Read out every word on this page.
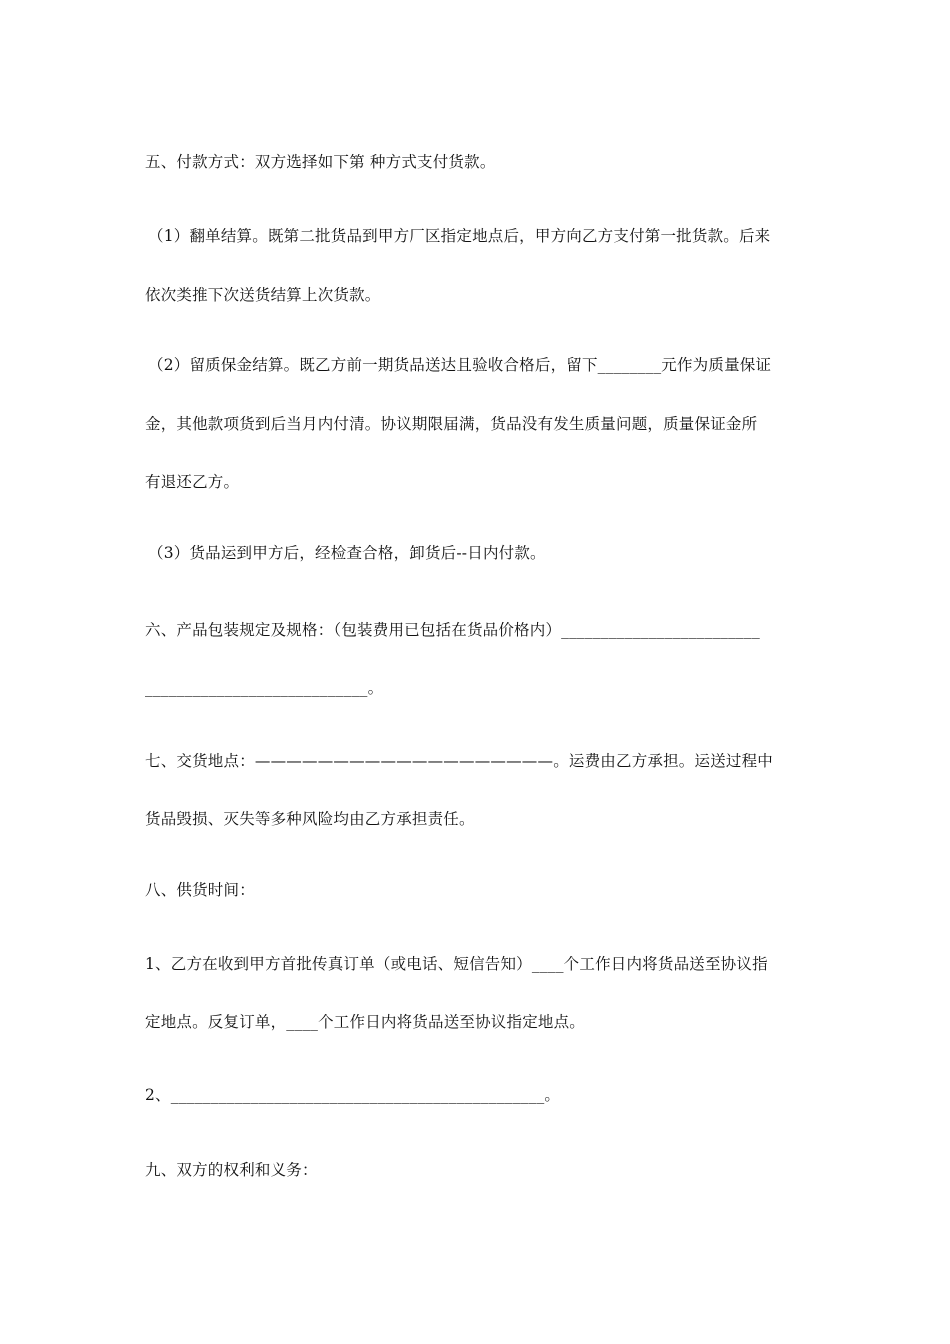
五、付款方式：双方选择如下第 种方式支付货款。
（1）翻单结算。既第二批货品到甲方厂区指定地点后，甲方向乙方支付第一批货款。后来
依次类推下次送货结算上次货款。
（2）留质保金结算。既乙方前一期货品送达且验收合格后，留下________元作为质量保证
金，其他款项货到后当月内付清。协议期限届满，货品没有发生质量问题，质量保证金所
有退还乙方。
（3）货品运到甲方后，经检查合格，卸货后--日内付款。
六、产品包装规定及规格：（包装费用已包括在货品价格内）_________________________
____________________________。
七、交货地点：———————————————————。运费由乙方承担。运送过程中
货品毁损、灭失等多种风险均由乙方承担责任。
八、供货时间：
1、乙方在收到甲方首批传真订单（或电话、短信告知）____个工作日内将货品送至协议指
定地点。反复订单，____个工作日内将货品送至协议指定地点。
2、_______________________________________________。
九、双方的权利和义务：
